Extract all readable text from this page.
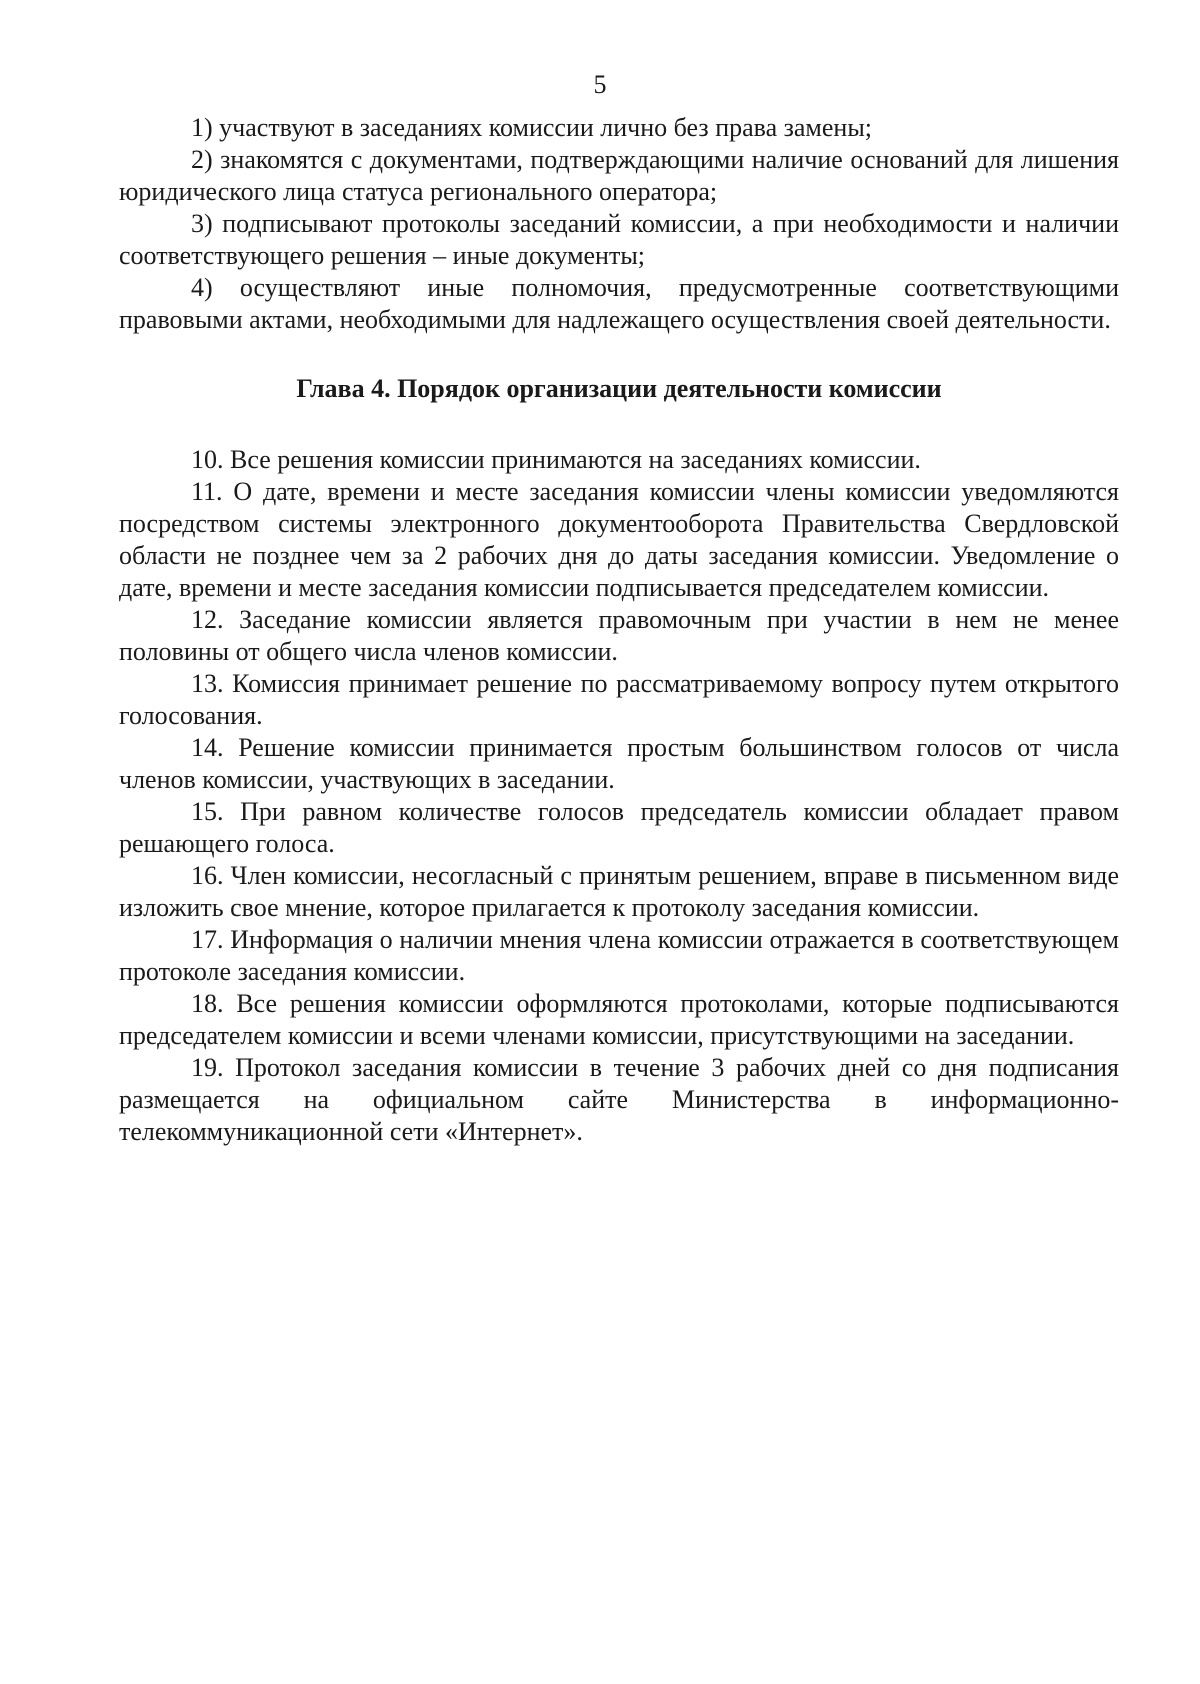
5

1) участвуют в заседаниях комиссии лично без права замены;

2) знакомятся с документами, подтверждающими наличие оснований для лишения юридического лица статуса регионального оператора;

3) подписывают протоколы заседаний комиссии, а при необходимости и наличии соответствующего решения – иные документы;

4) осуществляют иные полномочия, предусмотренные соответствующими правовыми актами, необходимыми для надлежащего осуществления своей деятельности.

Глава 4. Порядок организации деятельности комиссии

10. Все решения комиссии принимаются на заседаниях комиссии.

11. О дате, времени и месте заседания комиссии члены комиссии уведомляются посредством системы электронного документооборота Правительства Свердловской области не позднее чем за 2 рабочих дня до даты заседания комиссии. Уведомление о дате, времени и месте заседания комиссии подписывается председателем комиссии.

12. Заседание комиссии является правомочным при участии в нем не менее половины от общего числа членов комиссии.

13. Комиссия принимает решение по рассматриваемому вопросу путем открытого голосования.

14. Решение комиссии принимается простым большинством голосов от числа членов комиссии, участвующих в заседании.

15. При равном количестве голосов председатель комиссии обладает правом решающего голоса.

16. Член комиссии, несогласный с принятым решением, вправе в письменном виде изложить свое мнение, которое прилагается к протоколу заседания комиссии.

17. Информация о наличии мнения члена комиссии отражается в соответствующем протоколе заседания комиссии.

18. Все решения комиссии оформляются протоколами, которые подписываются председателем комиссии и всеми членами комиссии, присутствующими на заседании.

19. Протокол заседания комиссии в течение 3 рабочих дней со дня подписания размещается на официальном сайте Министерства в информационно-телекоммуникационной сети «Интернет».
